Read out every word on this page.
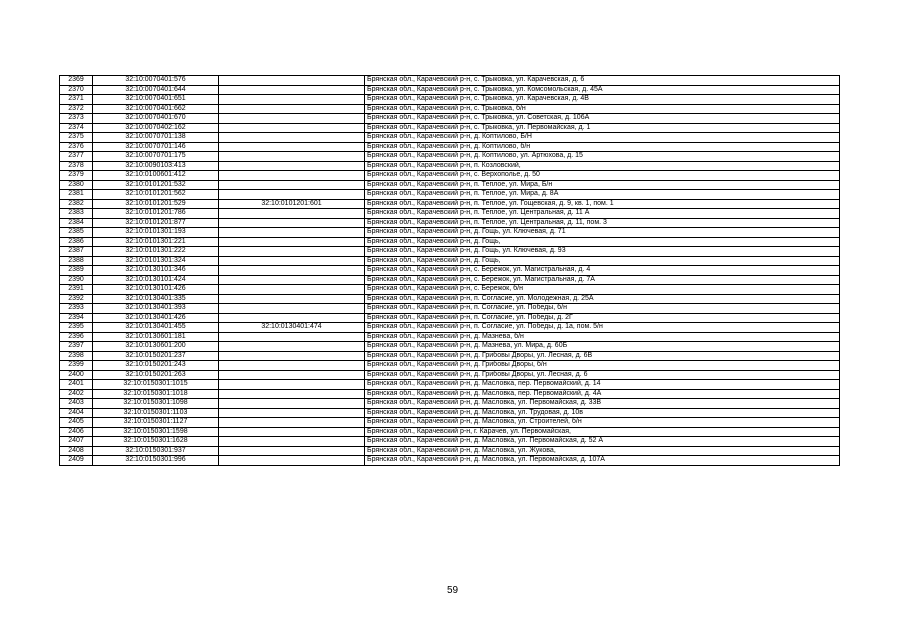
2369	32:10:0070401:576		Брянская обл., Карачевский р-н, с. Трыковка, ул. Карачевская, д. 6
2370	32:10:0070401:644		Брянская обл., Карачевский р-н, с. Трыковка, ул. Комсомольская, д. 45А
2371	32:10:0070401:651		Брянская обл., Карачевский р-н, с. Трыковка, ул. Карачевская, д. 4В
2372	32:10:0070401:662		Брянская обл., Карачевский р-н, с. Трыковка, б/н
2373	32:10:0070401:670		Брянская обл., Карачевский р-н, с. Трыковка, ул. Советская, д. 106А
2374	32:10:0070402:162		Брянская обл., Карачевский р-н, с. Трыковка, ул. Первомайская, д. 1
2375	32:10:0070701:138		Брянская обл., Карачевский р-н, д. Коптилово, Б/Н
2376	32:10:0070701:146		Брянская обл., Карачевский р-н, д. Коптилово, б/н
2377	32:10:0070701:175		Брянская обл., Карачевский р-н, д. Коптилово, ул. Артюхова, д. 15
2378	32:10:0090103:413		Брянская обл., Карачевский р-н, п. Козловский,
2379	32:10:0100601:412		Брянская обл., Карачевский р-н, с. Верхополье, д. 50
2380	32:10:0101201:532		Брянская обл., Карачевский р-н, п. Теплое, ул. Мира, Б/н
2381	32:10:0101201:562		Брянская обл., Карачевский р-н, п. Теплое, ул. Мира, д. 8А
2382	32:10:0101201:529	32:10:0101201:601	Брянская обл., Карачевский р-н, п. Теплое, ул. Гощевская, д. 9, кв. 1, пом. 1
2383	32:10:0101201:786		Брянская обл., Карачевский р-н, п. Теплое, ул. Центральная, д. 11 А
2384	32:10:0101201:877		Брянская обл., Карачевский р-н, п. Теплое, ул. Центральная, д. 11, пом. 3
2385	32:10:0101301:193		Брянская обл., Карачевский р-н, д. Гощь, ул. Ключевая, д. 71
2386	32:10:0101301:221		Брянская обл., Карачевский р-н, д. Гощь,
2387	32:10:0101301:222		Брянская обл., Карачевский р-н, д. Гощь, ул. Ключевая, д. 93
2388	32:10:0101301:324		Брянская обл., Карачевский р-н, д. Гощь,
2389	32:10:0130101:346		Брянская обл., Карачевский р-н, с. Бережок, ул. Магистральная, д. 4
2390	32:10:0130101:424		Брянская обл., Карачевский р-н, с. Бережок, ул. Магистральная, д. 7А
2391	32:10:0130101:426		Брянская обл., Карачевский р-н, с. Бережок, б/н
2392	32:10:0130401:335		Брянская обл., Карачевский р-н, п. Согласие, ул. Молодежная, д. 25А
2393	32:10:0130401:393		Брянская обл., Карачевский р-н, п. Согласие, ул. Победы, б/н
2394	32:10:0130401:426		Брянская обл., Карачевский р-н, п. Согласие, ул. Победы, д. 2Г
2395	32:10:0130401:455	32:10:0130401:474	Брянская обл., Карачевский р-н, п. Согласие, ул. Победы, д. 1а, пом. 5/н
2396	32:10:0130601:181		Брянская обл., Карачевский р-н, д. Мазнева, б/н
2397	32:10:0130601:200		Брянская обл., Карачевский р-н, д. Мазнева, ул. Мира, д. 60Б
2398	32:10:0150201:237		Брянская обл., Карачевский р-н, д. Грибовы Дворы, ул. Лесная, д. 6В
2399	32:10:0150201:243		Брянская обл., Карачевский р-н, д. Грибовы Дворы, б/н
2400	32:10:0150201:263		Брянская обл., Карачевский р-н, д. Грибовы Дворы, ул. Лесная, д. 6
2401	32:10:0150301:1015		Брянская обл., Карачевский р-н, д. Масловка, пер. Первомайский, д. 14
2402	32:10:0150301:1018		Брянская обл., Карачевский р-н, д. Масловка, пер. Первомайский, д. 4А
2403	32:10:0150301:1098		Брянская обл., Карачевский р-н, д. Масловка, ул. Первомайская, д. 33В
2404	32:10:0150301:1103		Брянская обл., Карачевский р-н, д. Масловка, ул. Трудовая, д. 10в
2405	32:10:0150301:1127		Брянская обл., Карачевский р-н, д. Масловка, ул. Строителей, б/н
2406	32:10:0150301:1598		Брянская обл., Карачевский р-н, г. Карачев, ул. Первомайская,
2407	32:10:0150301:1628		Брянская обл., Карачевский р-н, д. Масловка, ул. Первомайская, д. 52 А
2408	32:10:0150301:937		Брянская обл., Карачевский р-н, д. Масловка, ул. Жукова,
2409	32:10:0150301:996		Брянская обл., Карачевский р-н, д. Масловка, ул. Первомайская, д. 107А
59
